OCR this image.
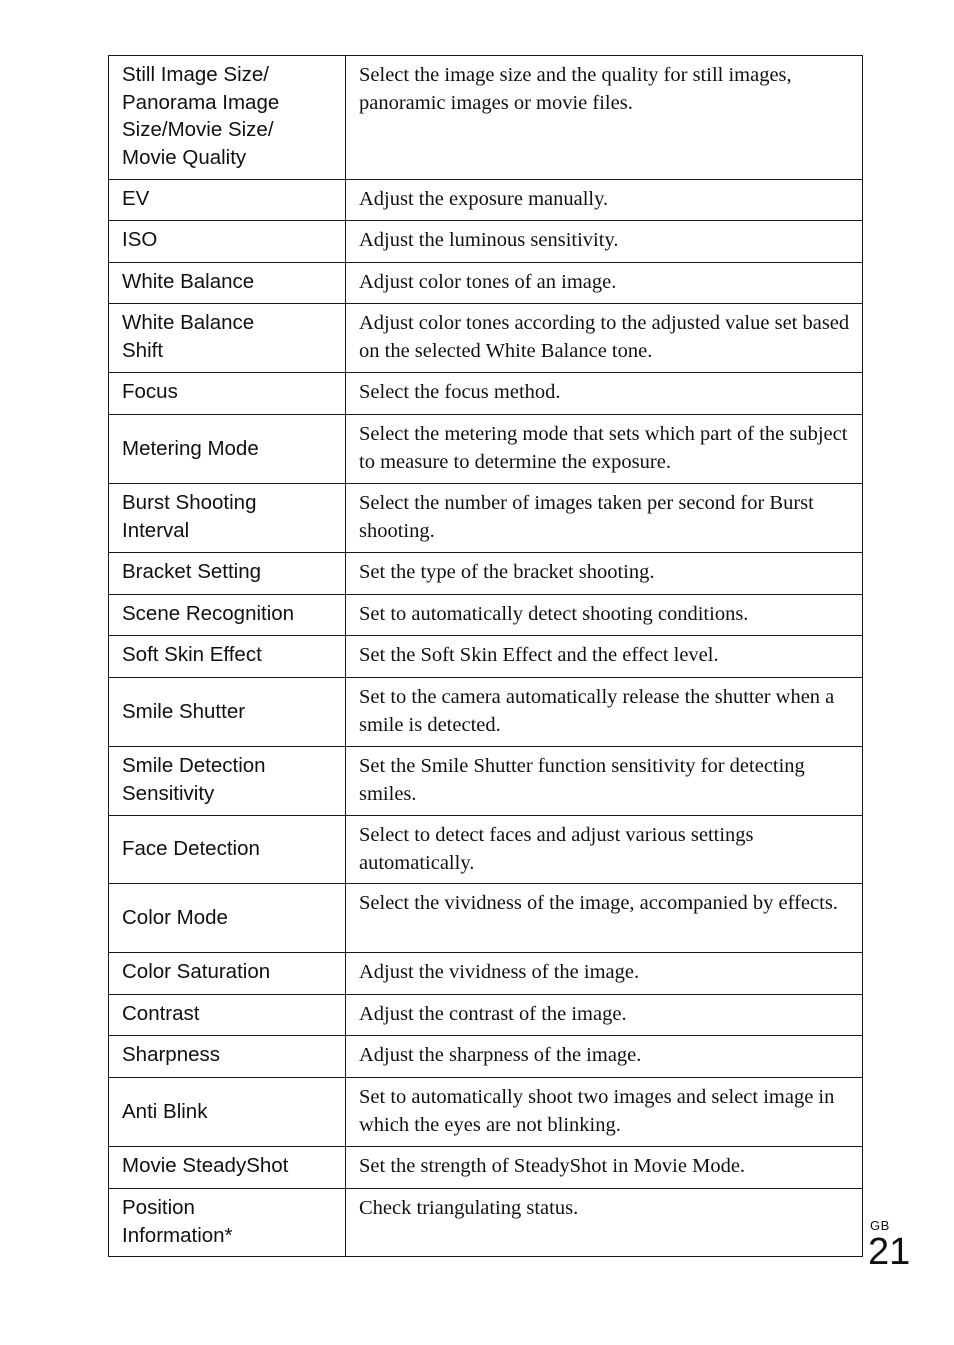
Still Image Size/
Panorama Image
Size/Movie Size/
Movie Quality	Select the image size and the quality for still images, panoramic images or movie files.
EV	Adjust the exposure manually.
ISO	Adjust the luminous sensitivity.
White Balance	Adjust color tones of an image.
White Balance
Shift	Adjust color tones according to the adjusted value set based on the selected White Balance tone.
Focus	Select the focus method.
Metering Mode	Select the metering mode that sets which part of the subject to measure to determine the exposure.
Burst Shooting
Interval	Select the number of images taken per second for Burst shooting.
Bracket Setting	Set the type of the bracket shooting.
Scene Recognition	Set to automatically detect shooting conditions.
Soft Skin Effect	Set the Soft Skin Effect and the effect level.
Smile Shutter	Set to the camera automatically release the shutter when a smile is detected.
Smile Detection
Sensitivity	Set the Smile Shutter function sensitivity for detecting smiles.
Face Detection	Select to detect faces and adjust various settings automatically.
Color Mode	Select the vividness of the image, accompanied by effects.
Color Saturation	Adjust the vividness of the image.
Contrast	Adjust the contrast of the image.
Sharpness	Adjust the sharpness of the image.
Anti Blink	Set to automatically shoot two images and select image in which the eyes are not blinking.
Movie SteadyShot	Set the strength of SteadyShot in Movie Mode.
Position
Information*	Check triangulating status.
GB
21
